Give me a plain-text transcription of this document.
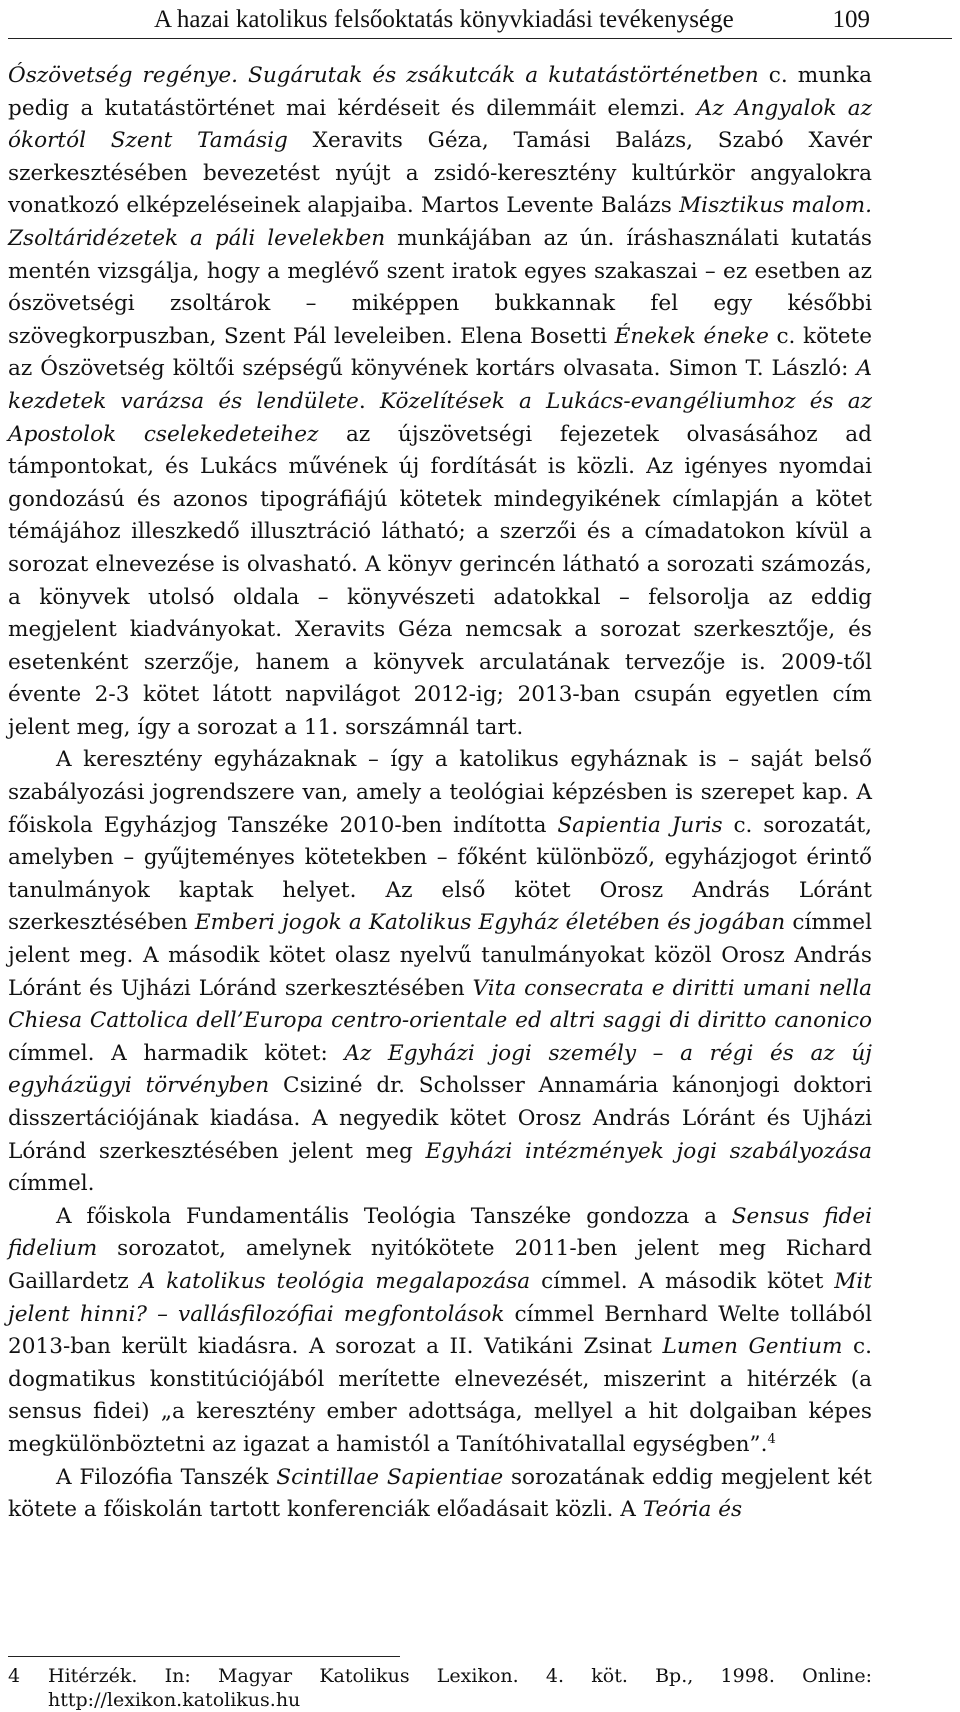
A hazai katolikus felsőoktatás könyvkiadási tevékenysége	109

Ószövetség regénye. Sugárutak és zsákutcák a kutatástörténetben c. munka pedig a kutatástörténet mai kérdéseit és dilemmáit elemzi. Az Angyalok az ókortól Szent Tamásig Xeravits Géza, Tamási Balázs, Szabó Xavér szerkesztésében bevezetést nyújt a zsidó-keresztény kultúrkör angyalokra vonatkozó elképzeléseinek alapjaiba. Martos Levente Balázs Misztikus malom. Zsoltáridézetek a páli levelekben munkájában az ún. íráshasználati kutatás mentén vizsgálja, hogy a meglévő szent iratok egyes szakaszai – ez esetben az ószövetségi zsoltárok – miképpen bukkannak fel egy későbbi szövegkorpuszban, Szent Pál leveleiben. Elena Bosetti Énekek éneke c. kötete az Ószövetség költői szépségű könyvének kortárs olvasata. Simon T. László: A kezdetek varázsa és lendülete. Közelítések a Lukács-evangéliumhoz és az Apostolok cselekedeteihez az újszövetségi fejezetek olvasásához ad támpontokat, és Lukács művének új fordítását is közli. Az igényes nyomdai gondozású és azonos tipográfiájú kötetek mindegyikének címlapján a kötet témájához illeszkedő illusztráció látható; a szerzői és a címadatokon kívül a sorozat elnevezése is olvasható. A könyv gerincén látható a sorozati számozás, a könyvek utolsó oldala – könyvészeti adatokkal – felsorolja az eddig megjelent kiadványokat. Xeravits Géza nemcsak a sorozat szerkesztője, és esetenként szerzője, hanem a könyvek arculatának tervezője is. 2009-től évente 2-3 kötet látott napvilágot 2012-ig; 2013-ban csupán egyetlen cím jelent meg, így a sorozat a 11. sorszámnál tart.

A keresztény egyházaknak – így a katolikus egyháznak is – saját belső szabályozási jogrendszere van, amely a teológiai képzésben is szerepet kap. A főiskola Egyházjog Tanszéke 2010-ben indította Sapientia Juris c. sorozatát, amelyben – gyűjteményes kötetekben – főként különböző, egyházjogot érintő tanulmányok kaptak helyet. Az első kötet Orosz András Lóránt szerkesztésében Emberi jogok a Katolikus Egyház életében és jogában címmel jelent meg. A második kötet olasz nyelvű tanulmányokat közöl Orosz András Lóránt és Ujházi Lóránd szerkesztésében Vita consecrata e diritti umani nella Chiesa Cattolica dell’Europa centro-orientale ed altri saggi di diritto canonico címmel. A harmadik kötet: Az Egyházi jogi személy – a régi és az új egyházügyi törvényben Csiziné dr. Scholsser Annamária kánonjogi doktori disszertációjának kiadása. A negyedik kötet Orosz András Lóránt és Ujházi Lóránd szerkesztésében jelent meg Egyházi intézmények jogi szabályozása címmel.

A főiskola Fundamentális Teológia Tanszéke gondozza a Sensus fidei fidelium sorozatot, amelynek nyitókötete 2011-ben jelent meg Richard Gaillardetz A katolikus teológia megalapozása címmel. A második kötet Mit jelent hinni? – vallásfilozófiai megfontolások címmel Bernhard Welte tollából 2013-ban került kiadásra. A sorozat a II. Vatikáni Zsinat Lumen Gentium c. dogmatikus konstitúciójából merítette elnevezését, miszerint a hitérzék (a sensus fidei) „a keresztény ember adottsága, mellyel a hit dolgaiban képes megkülönböztetni az igazat a hamistól a Tanítóhivatallal egységben”.$^4$

A Filozófia Tanszék Scintillae Sapientiae sorozatának eddig megjelent két kötete a főiskolán tartott konferenciák előadásait közli. A Teória és

4 Hitérzék. In: Magyar Katolikus Lexikon. 4. köt. Bp., 1998. Online: http://lexikon.katolikus.hu
